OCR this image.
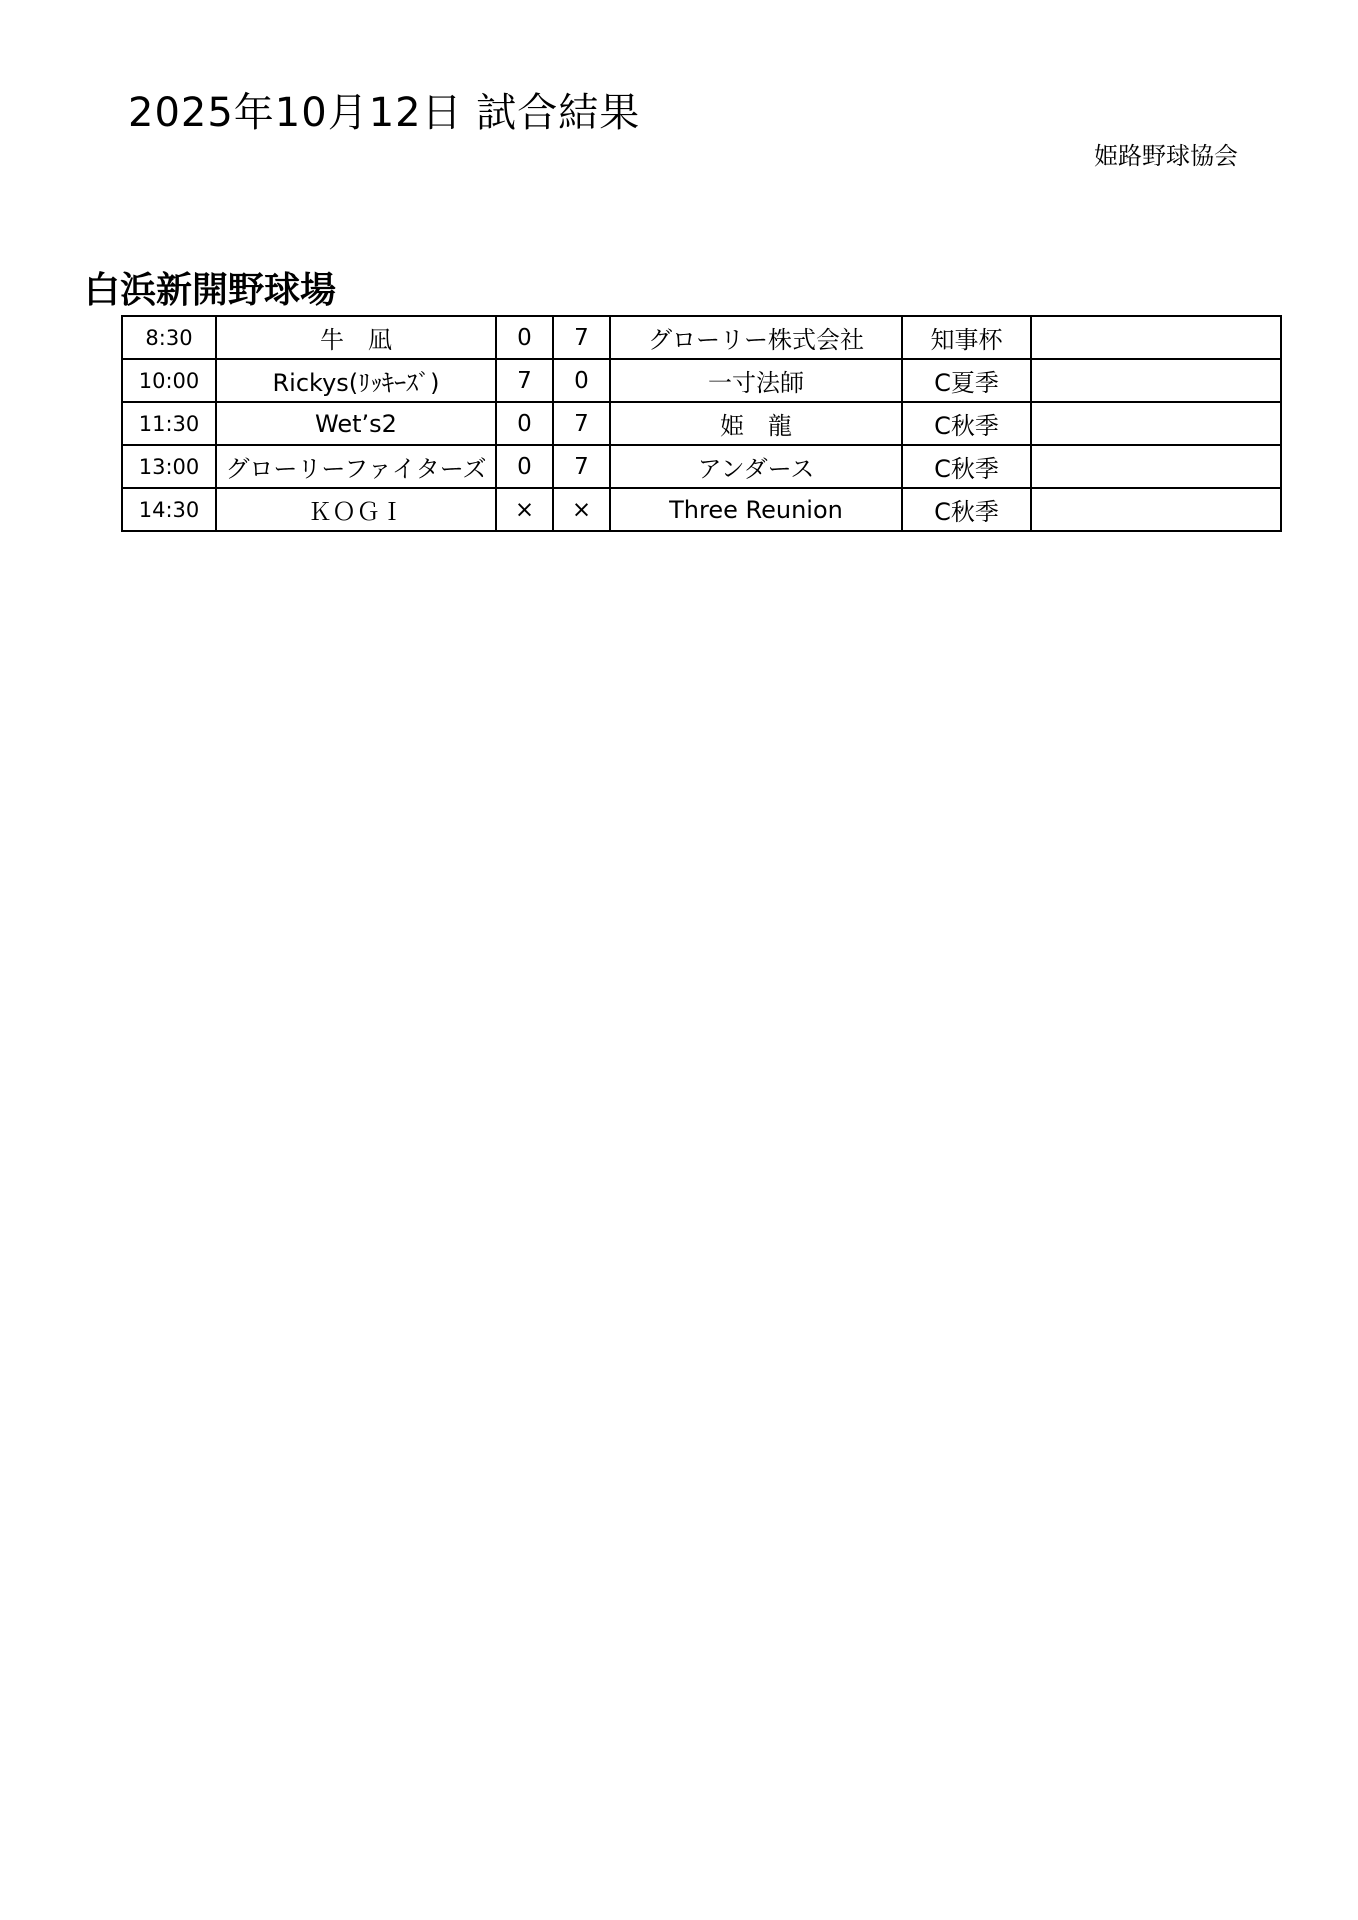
2025年10月12日 試合結果
姫路野球協会
白浜新開野球場
8:30	牛　凪	0	7	グローリー株式会社	知事杯	
10:00	Rickys(ﾘｯｷｰｽﾞ)	7	0	一寸法師	C夏季	
11:30	Wet’s2	0	7	姫　龍	C秋季	
13:00	グローリーファイターズ	0	7	アンダース	C秋季	
14:30	ＫＯＧＩ	×	×	Three Reunion	C秋季	
